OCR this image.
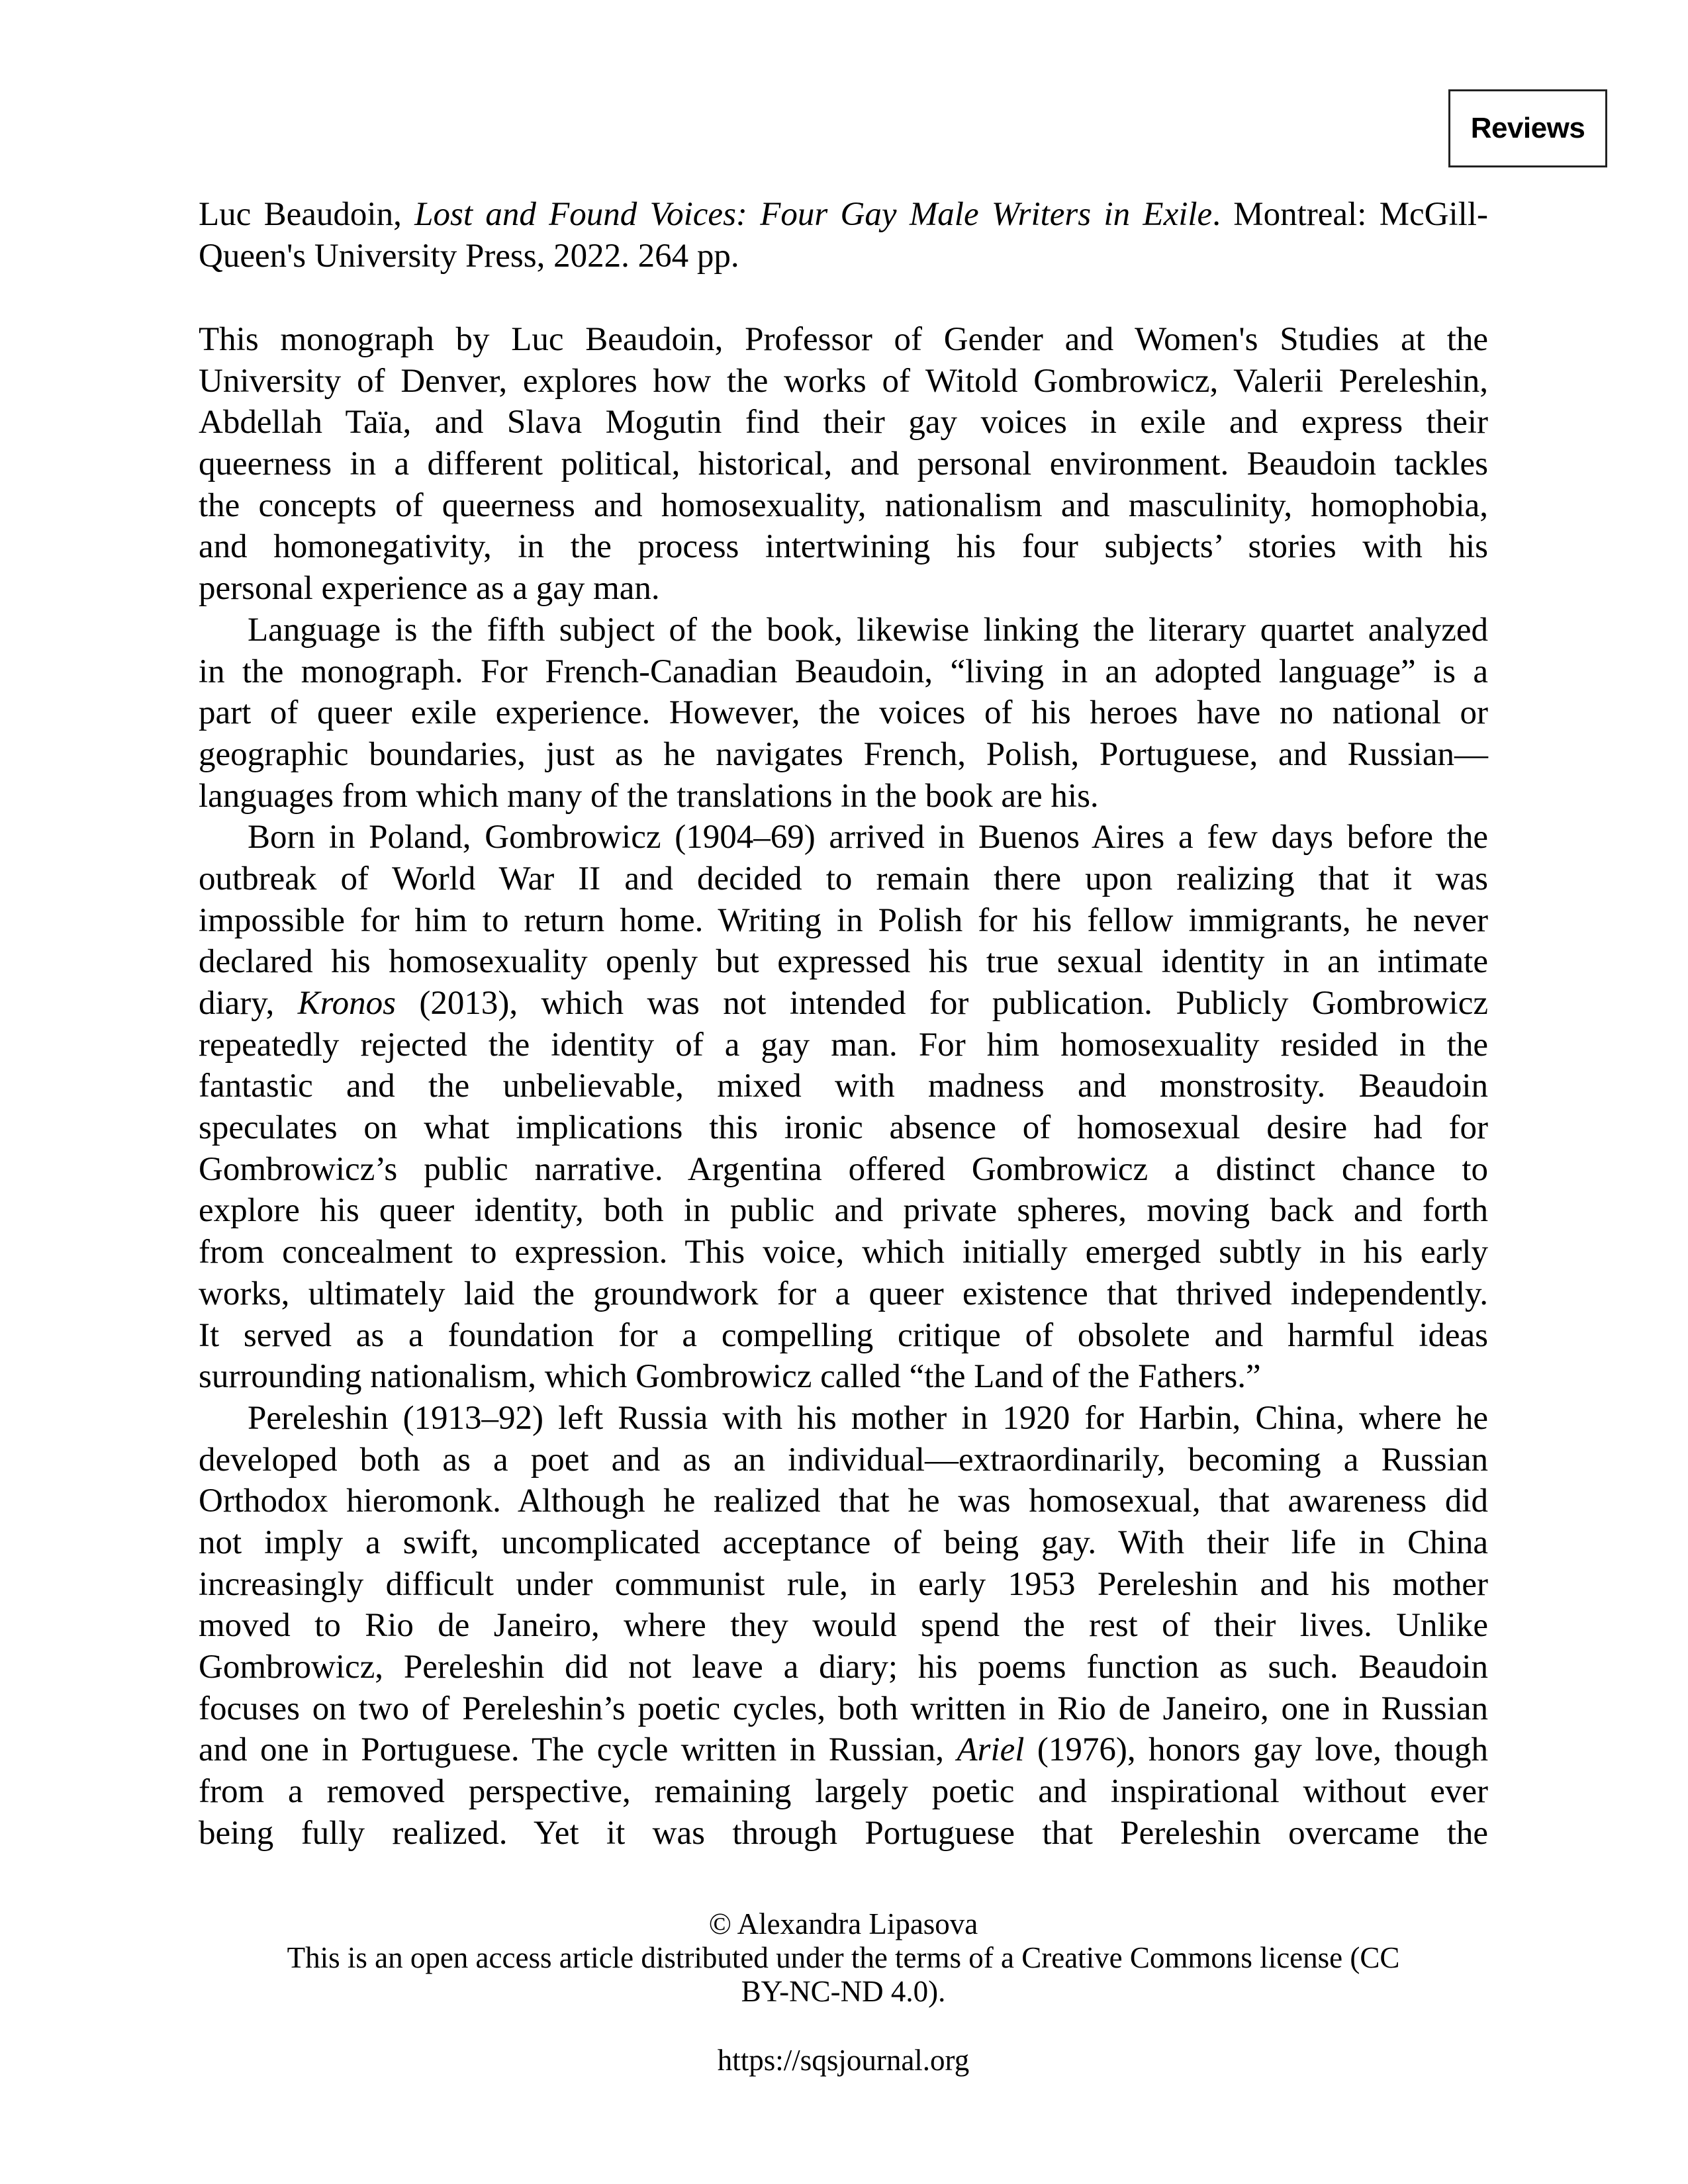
Reviews
Luc Beaudoin, Lost and Found Voices: Four Gay Male Writers in Exile. Montreal: McGill-
Queen's University Press, 2022. 264 pp.
This monograph by Luc Beaudoin, Professor of Gender and Women's Studies at the
University of Denver, explores how the works of Witold Gombrowicz, Valerii Pereleshin,
Abdellah Taïa, and Slava Mogutin find their gay voices in exile and express their
queerness in a different political, historical, and personal environment. Beaudoin tackles
the concepts of queerness and homosexuality, nationalism and masculinity, homophobia,
and homonegativity, in the process intertwining his four subjects’ stories with his
personal experience as a gay man.
Language is the fifth subject of the book, likewise linking the literary quartet analyzed
in the monograph. For French-Canadian Beaudoin, “living in an adopted language” is a
part of queer exile experience. However, the voices of his heroes have no national or
geographic boundaries, just as he navigates French, Polish, Portuguese, and Russian—
languages from which many of the translations in the book are his.
Born in Poland, Gombrowicz (1904–69) arrived in Buenos Aires a few days before the
outbreak of World War II and decided to remain there upon realizing that it was
impossible for him to return home. Writing in Polish for his fellow immigrants, he never
declared his homosexuality openly but expressed his true sexual identity in an intimate
diary, Kronos (2013), which was not intended for publication. Publicly Gombrowicz
repeatedly rejected the identity of a gay man. For him homosexuality resided in the
fantastic and the unbelievable, mixed with madness and monstrosity. Beaudoin
speculates on what implications this ironic absence of homosexual desire had for
Gombrowicz’s public narrative. Argentina offered Gombrowicz a distinct chance to
explore his queer identity, both in public and private spheres, moving back and forth
from concealment to expression. This voice, which initially emerged subtly in his early
works, ultimately laid the groundwork for a queer existence that thrived independently.
It served as a foundation for a compelling critique of obsolete and harmful ideas
surrounding nationalism, which Gombrowicz called “the Land of the Fathers.”
Pereleshin (1913–92) left Russia with his mother in 1920 for Harbin, China, where he
developed both as a poet and as an individual—extraordinarily, becoming a Russian
Orthodox hieromonk. Although he realized that he was homosexual, that awareness did
not imply a swift, uncomplicated acceptance of being gay. With their life in China
increasingly difficult under communist rule, in early 1953 Pereleshin and his mother
moved to Rio de Janeiro, where they would spend the rest of their lives. Unlike
Gombrowicz, Pereleshin did not leave a diary; his poems function as such. Beaudoin
focuses on two of Pereleshin’s poetic cycles, both written in Rio de Janeiro, one in Russian
and one in Portuguese. The cycle written in Russian, Ariel (1976), honors gay love, though
from a removed perspective, remaining largely poetic and inspirational without ever
being fully realized. Yet it was through Portuguese that Pereleshin overcame the
© Alexandra Lipasova
This is an open access article distributed under the terms of a Creative Commons license (CC
BY-NC-ND 4.0).
https://sqsjournal.org
